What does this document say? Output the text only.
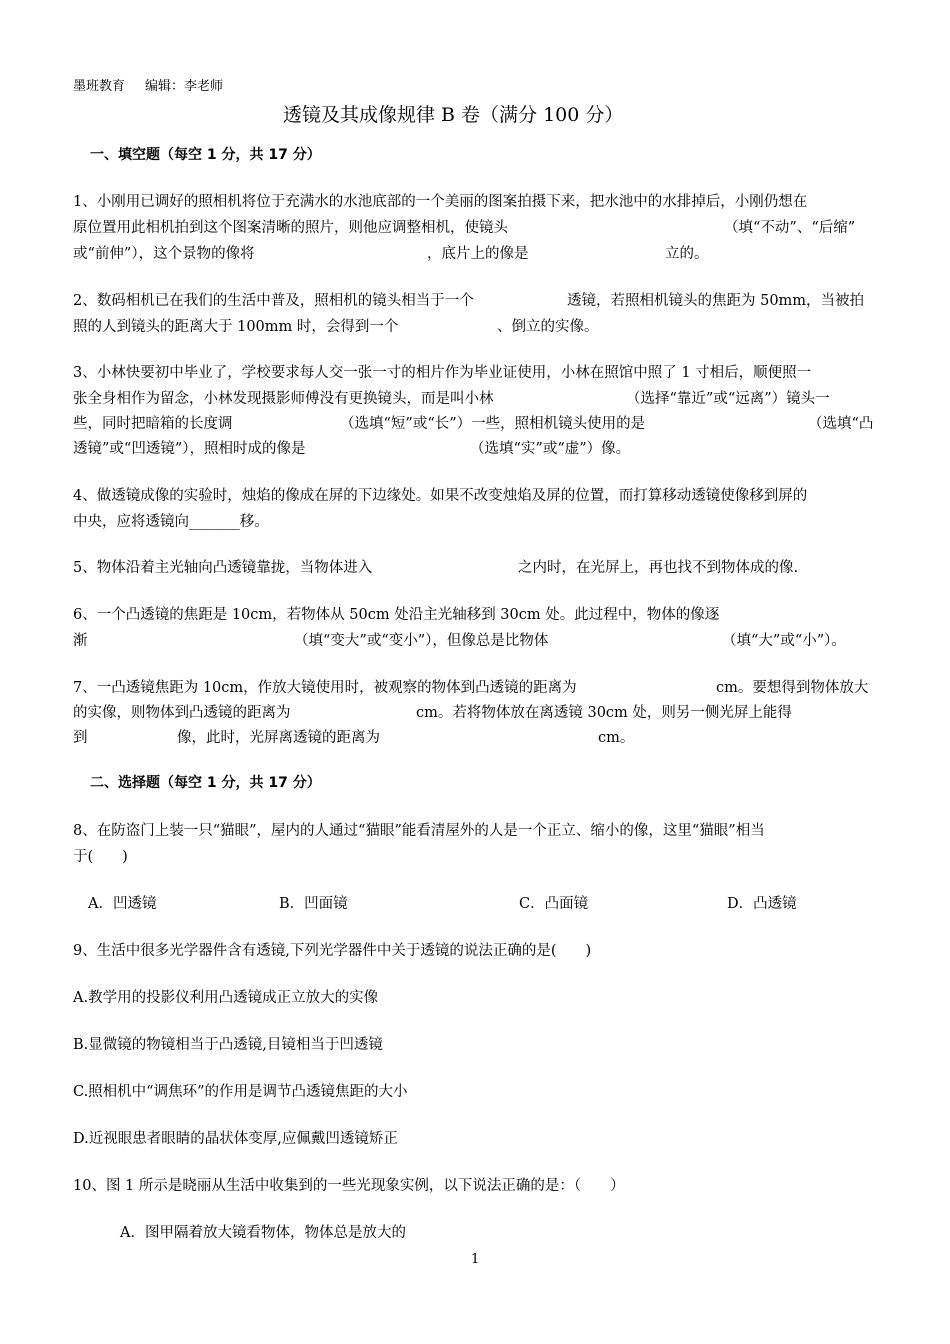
墨班教育 编辑：李老师
透镜及其成像规律 B 卷（满分 100 分）
一、填空题（每空 1 分，共 17 分）
1、小刚用已调好的照相机将位于充满水的水池底部的一个美丽的图案拍摄下来，把水池中的水排掉后，小刚仍想在
原位置用此相机拍到这个图案清晰的照片，则他应调整相机，使镜头	（填“不动”、“后缩”
或“前伸”），这个景物的像将	，底片上的像是	立的。
2、数码相机已在我们的生活中普及，照相机的镜头相当于一个	透镜，若照相机镜头的焦距为 50mm，当被拍
照的人到镜头的距离大于 100mm 时，会得到一个	、倒立的实像。
3、小林快要初中毕业了，学校要求每人交一张一寸的相片作为毕业证使用，小林在照馆中照了 1 寸相后，顺便照一
张全身相作为留念，小林发现摄影师傅没有更换镜头，而是叫小林	（选择“靠近”或“远离”）镜头一
些，同时把暗箱的长度调	（选填“短”或“长”）一些，照相机镜头使用的是	（选填“凸
透镜”或“凹透镜”），照相时成的像是	（选填“实”或“虚”）像。
4、做透镜成像的实验时，烛焰的像成在屏的下边缘处。如果不改变烛焰及屏的位置，而打算移动透镜使像移到屏的
中央，应将透镜向_______移。
5、物体沿着主光轴向凸透镜靠拢，当物体进入	之内时，在光屏上，再也找不到物体成的像.
6、一个凸透镜的焦距是 10cm，若物体从 50cm 处沿主光轴移到 30cm 处。此过程中，物体的像逐
渐	（填“变大”或“变小”），但像总是比物体	（填“大”或“小”）。
7、一凸透镜焦距为 10cm，作放大镜使用时，被观察的物体到凸透镜的距离为	cm。要想得到物体放大
的实像，则物体到凸透镜的距离为	cm。若将物体放在离透镜 30cm 处，则另一侧光屏上能得
到	像，此时，光屏离透镜的距离为	cm。
二、选择题（每空 1 分，共 17 分）
8、在防盗门上装一只“猫眼”，屋内的人通过“猫眼”能看清屋外的人是一个正立、缩小的像，这里“猫眼”相当
于(　　)
A．凹透镜	B．凹面镜	C．凸面镜	D．凸透镜
9、生活中很多光学器件含有透镜,下列光学器件中关于透镜的说法正确的是(　　)
A.教学用的投影仪利用凸透镜成正立放大的实像
B.显微镜的物镜相当于凸透镜,目镜相当于凹透镜
C.照相机中“调焦环”的作用是调节凸透镜焦距的大小
D.近视眼患者眼睛的晶状体变厚,应佩戴凹透镜矫正
10、图 1 所示是晓丽从生活中收集到的一些光现象实例，以下说法正确的是：（　　）
A．图甲隔着放大镜看物体，物体总是放大的
1
